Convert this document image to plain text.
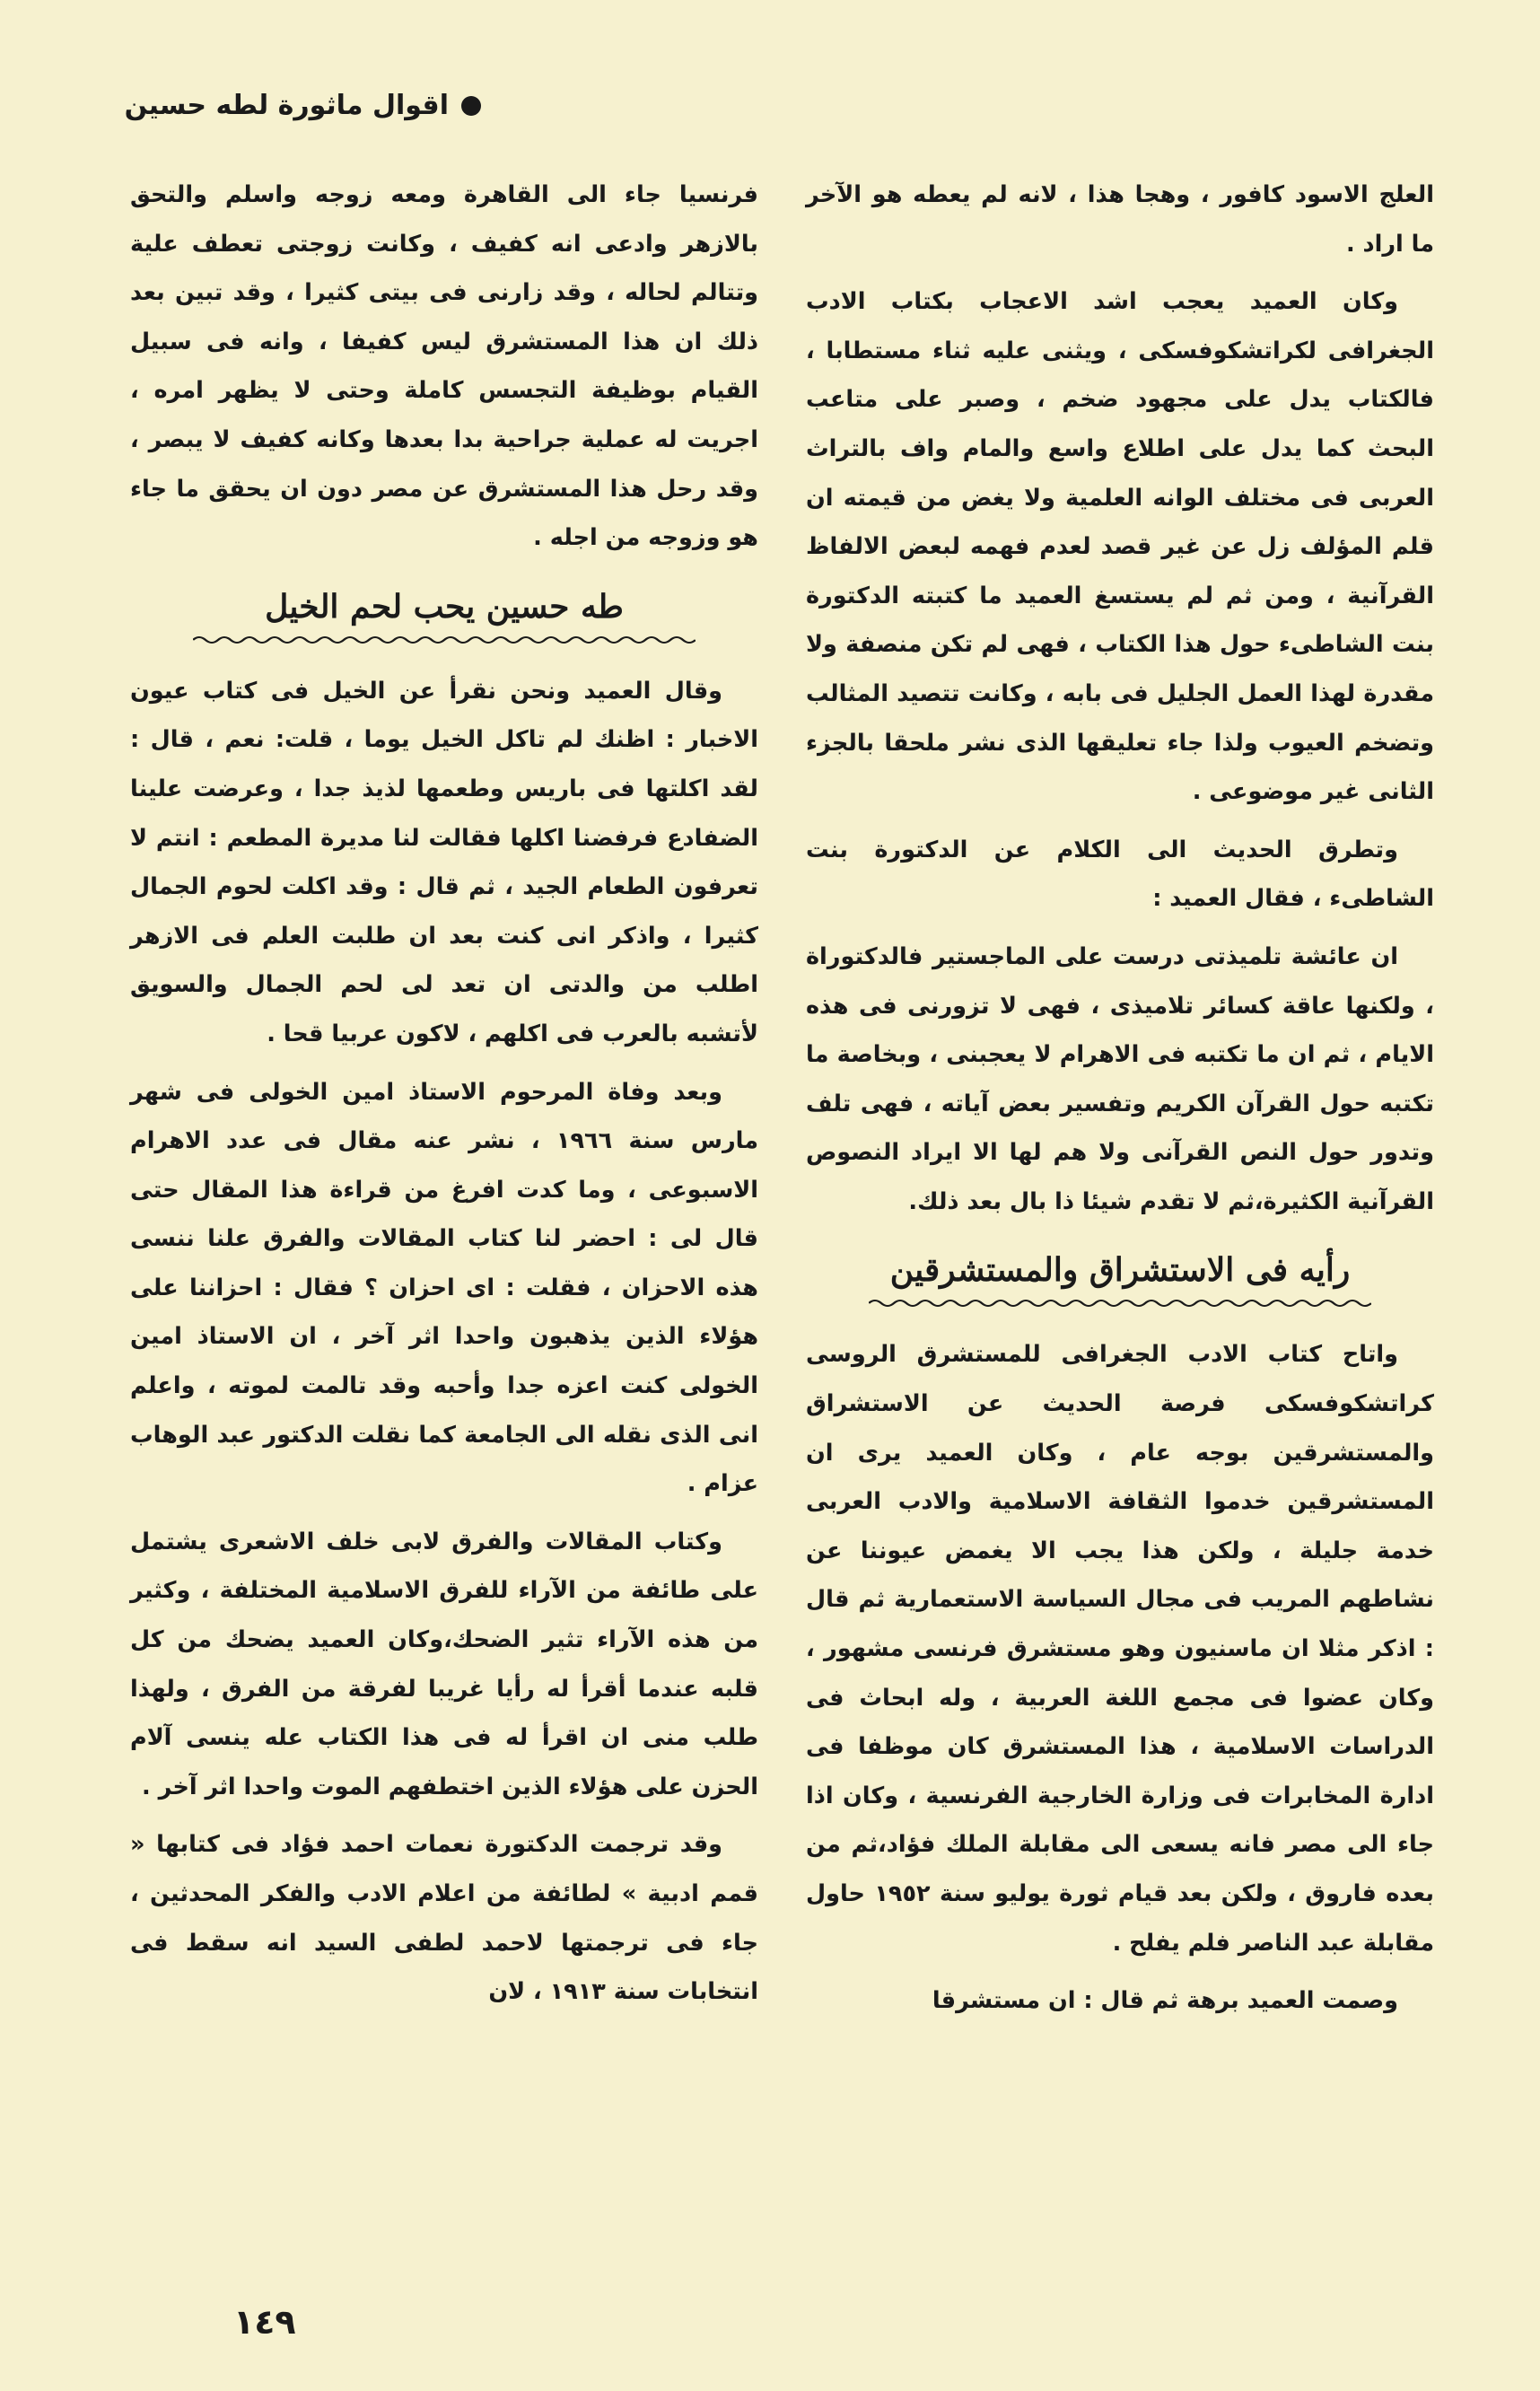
اقوال ماثورة لطه حسين

العلج الاسود كافور ، وهجا هذا ، لانه لم يعطه هو الآخر ما اراد .

وكان العميد يعجب اشد الاعجاب بكتاب الادب الجغرافى لكراتشكوفسكى ، ويثنى عليه ثناء مستطابا ، فالكتاب يدل على مجهود ضخم ، وصبر على متاعب البحث كما يدل على اطلاع واسع والمام واف بالتراث العربى فى مختلف الوانه العلمية ولا يغض من قيمته ان قلم المؤلف زل عن غير قصد لعدم فهمه لبعض الالفاظ القرآنية ، ومن ثم لم يستسغ العميد ما كتبته الدكتورة بنت الشاطىء حول هذا الكتاب ، فهى لم تكن منصفة ولا مقدرة لهذا العمل الجليل فى بابه ، وكانت تتصيد المثالب وتضخم العيوب ولذا جاء تعليقها الذى نشر ملحقا بالجزء الثانى غير موضوعى .

وتطرق الحديث الى الكلام عن الدكتورة بنت الشاطىء ، فقال العميد :

ان عائشة تلميذتى درست على الماجستير فالدكتوراة ، ولكنها عاقة كسائر تلاميذى ، فهى لا تزورنى فى هذه الايام ، ثم ان ما تكتبه فى الاهرام لا يعجبنى ، وبخاصة ما تكتبه حول القرآن الكريم وتفسير بعض آياته ، فهى تلف وتدور حول النص القرآنى ولا هم لها الا ايراد النصوص القرآنية الكثيرة،ثم لا تقدم شيئا ذا بال بعد ذلك.

رأيه فى الاستشراق والمستشرقين

واتاح كتاب الادب الجغرافى للمستشرق الروسى كراتشكوفسكى فرصة الحديث عن الاستشراق والمستشرقين بوجه عام ، وكان العميد يرى ان المستشرقين خدموا الثقافة الاسلامية والادب العربى خدمة جليلة ، ولكن هذا يجب الا يغمض عيوننا عن نشاطهم المريب فى مجال السياسة الاستعمارية ثم قال : اذكر مثلا ان ماسنيون وهو مستشرق فرنسى مشهور ، وكان عضوا فى مجمع اللغة العربية ، وله ابحاث فى الدراسات الاسلامية ، هذا المستشرق كان موظفا فى ادارة المخابرات فى وزارة الخارجية الفرنسية ، وكان اذا جاء الى مصر فانه يسعى الى مقابلة الملك فؤاد،ثم من بعده فاروق ، ولكن بعد قيام ثورة يوليو سنة ١٩٥٢ حاول مقابلة عبد الناصر فلم يفلح .

وصمت العميد برهة ثم قال : ان مستشرقا

فرنسيا جاء الى القاهرة ومعه زوجه واسلم والتحق بالازهر وادعى انه كفيف ، وكانت زوجتى تعطف علية وتتالم لحاله ، وقد زارنى فى بيتى كثيرا ، وقد تبين بعد ذلك ان هذا المستشرق ليس كفيفا ، وانه فى سبيل القيام بوظيفة التجسس كاملة وحتى لا يظهر امره ، اجريت له عملية جراحية بدا بعدها وكانه كفيف لا يبصر ، وقد رحل هذا المستشرق عن مصر دون ان يحقق ما جاء هو وزوجه من اجله .

طه حسين يحب لحم الخيل

وقال العميد ونحن نقرأ عن الخيل فى كتاب عيون الاخبار : اظنك لم تاكل الخيل يوما ، قلت: نعم ، قال : لقد اكلتها فى باريس وطعمها لذيذ جدا ، وعرضت علينا الضفادع فرفضنا اكلها فقالت لنا مديرة المطعم : انتم لا تعرفون الطعام الجيد ، ثم قال : وقد اكلت لحوم الجمال كثيرا ، واذكر انى كنت بعد ان طلبت العلم فى الازهر اطلب من والدتى ان تعد لى لحم الجمال والسويق لأتشبه بالعرب فى اكلهم ، لاكون عربيا قحا .

وبعد وفاة المرحوم الاستاذ امين الخولى فى شهر مارس سنة ١٩٦٦ ، نشر عنه مقال فى عدد الاهرام الاسبوعى ، وما كدت افرغ من قراءة هذا المقال حتى قال لى : احضر لنا كتاب المقالات والفرق علنا ننسى هذه الاحزان ، فقلت : اى احزان ؟ فقال : احزاننا على هؤلاء الذين يذهبون واحدا اثر آخر ، ان الاستاذ امين الخولى كنت اعزه جدا وأحبه وقد تالمت لموته ، واعلم انى الذى نقله الى الجامعة كما نقلت الدكتور عبد الوهاب عزام .

وكتاب المقالات والفرق لابى خلف الاشعرى يشتمل على طائفة من الآراء للفرق الاسلامية المختلفة ، وكثير من هذه الآراء تثير الضحك،وكان العميد يضحك من كل قلبه عندما أقرأ له رأيا غريبا لفرقة من الفرق ، ولهذا طلب منى ان اقرأ له فى هذا الكتاب عله ينسى آلام الحزن على هؤلاء الذين اختطفهم الموت واحدا اثر آخر .

وقد ترجمت الدكتورة نعمات احمد فؤاد فى كتابها « قمم ادبية » لطائفة من اعلام الادب والفكر المحدثين ، جاء فى ترجمتها لاحمد لطفى السيد انه سقط فى انتخابات سنة ١٩١٣ ، لان

١٤٩
